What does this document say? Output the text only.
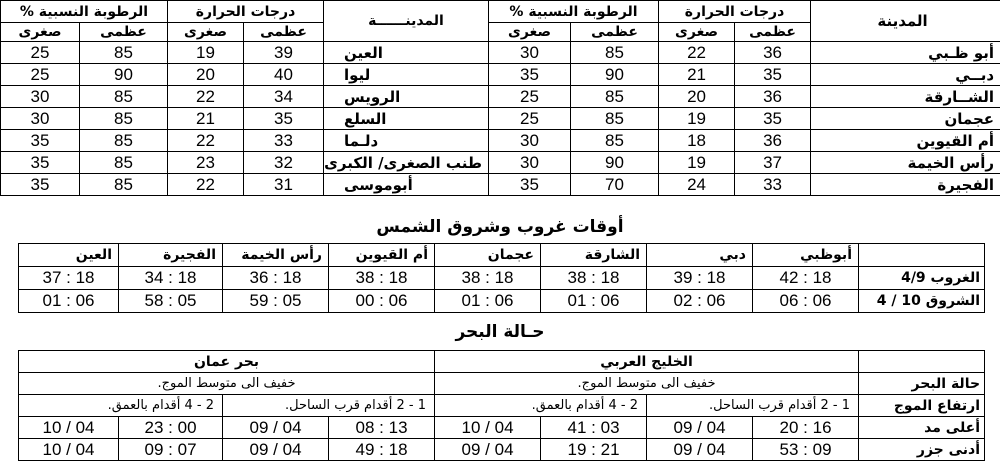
المدينة	درجات الحرارة		الرطوبة النسبية %		المدينــــــة	درجات الحرارة		الرطوبة النسبية %	
	عظمى	صغرى	عظمى	صغرى		عظمى	صغرى	عظمى	صغرى
أبو ظـبي	36	22	85	30	العين	39	19	85	25
دبــي	35	21	90	35	ليوا	40	20	90	25
الشــارقة	36	20	85	25	الرويس	34	22	85	30
عجمان	35	19	85	25	السلع	35	21	85	30
أم القيوين	36	18	85	30	دلـما	33	22	85	35
رأس الخيمة	37	19	90	30	طنب الصغرى/ الكبرى	32	23	85	35
الفجيرة	33	24	70	35	أبوموسى	31	22	85	35
أوقات غروب وشروق الشمس
	أبوظبي	دبي	الشارقة	عجمان	أم القيوين	رأس الخيمة	الفجيرة	العين
الغروب 4/9	18 : 42	18 : 39	18 : 38	18 : 38	18 : 38	18 : 36	18 : 34	18 : 37
الشروق 10 / 4	06 : 06	06 : 02	06 : 01	06 : 01	06 : 00	05 : 59	05 : 58	06 : 01
حـالة البحر
	الخليج العربي				بحر عمان			
حالة البحر	خفيف الى متوسط الموج.				خفيف الى متوسط الموج.			
ارتفاع الموج	1 - 2 أقدام قرب الساحل.		2 - 4 أقدام بالعمق.		1 - 2 أقدام قرب الساحل.		2 - 4 أقدام بالعمق.	
أعلى مد	16 : 20	04 / 09	03 : 41	04 / 10	13 : 08	04 / 09	00 : 23	04 / 10
أدنى جزر	09 : 53	04 / 09	21 : 19	04 / 09	18 : 49	04 / 09	07 : 09	04 / 10
